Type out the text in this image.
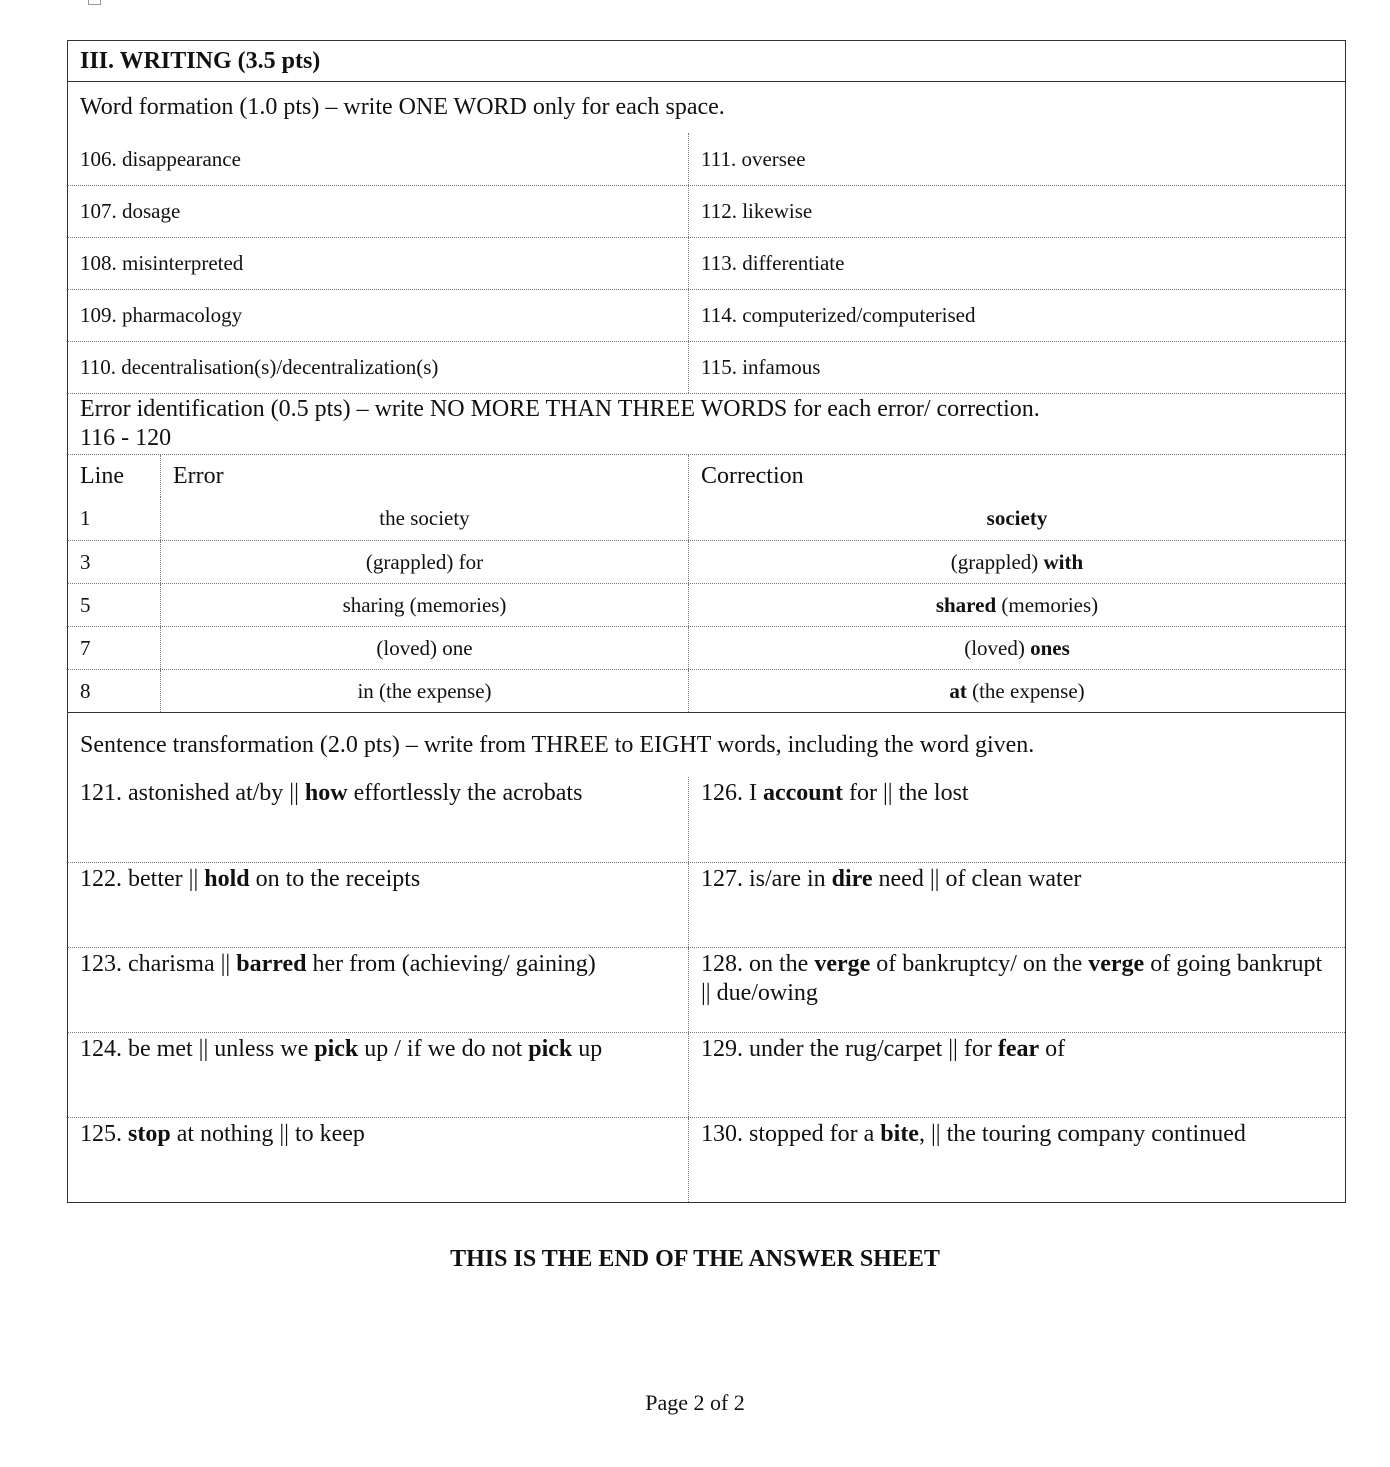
III. WRITING (3.5 pts)
Word formation (1.0 pts) – write ONE WORD only for each space.
106. disappearance	111. oversee
107. dosage	112. likewise
108. misinterpreted	113. differentiate
109. pharmacology	114. computerized/computerised
110. decentralisation(s)/decentralization(s)	115. infamous
Error identification (0.5 pts) – write NO MORE THAN THREE WORDS for each error/ correction.
116 - 120
Line	Error	Correction
1	the society	society
3	(grappled) for	(grappled) with
5	sharing (memories)	shared (memories)
7	(loved) one	(loved) ones
8	in (the expense)	at (the expense)
Sentence transformation (2.0 pts) – write from THREE to EIGHT words, including the word given.
121. astonished at/by || how effortlessly the acrobats	126. I account for || the lost
122. better || hold on to the receipts	127. is/are in dire need || of clean water
123. charisma || barred her from (achieving/ gaining)	128. on the verge of bankruptcy/ on the verge of going bankrupt || due/owing
124. be met || unless we pick up / if we do not pick up	129. under the rug/carpet || for fear of
125. stop at nothing || to keep	130. stopped for a bite, || the touring company continued
THIS IS THE END OF THE ANSWER SHEET
Page 2 of 2
